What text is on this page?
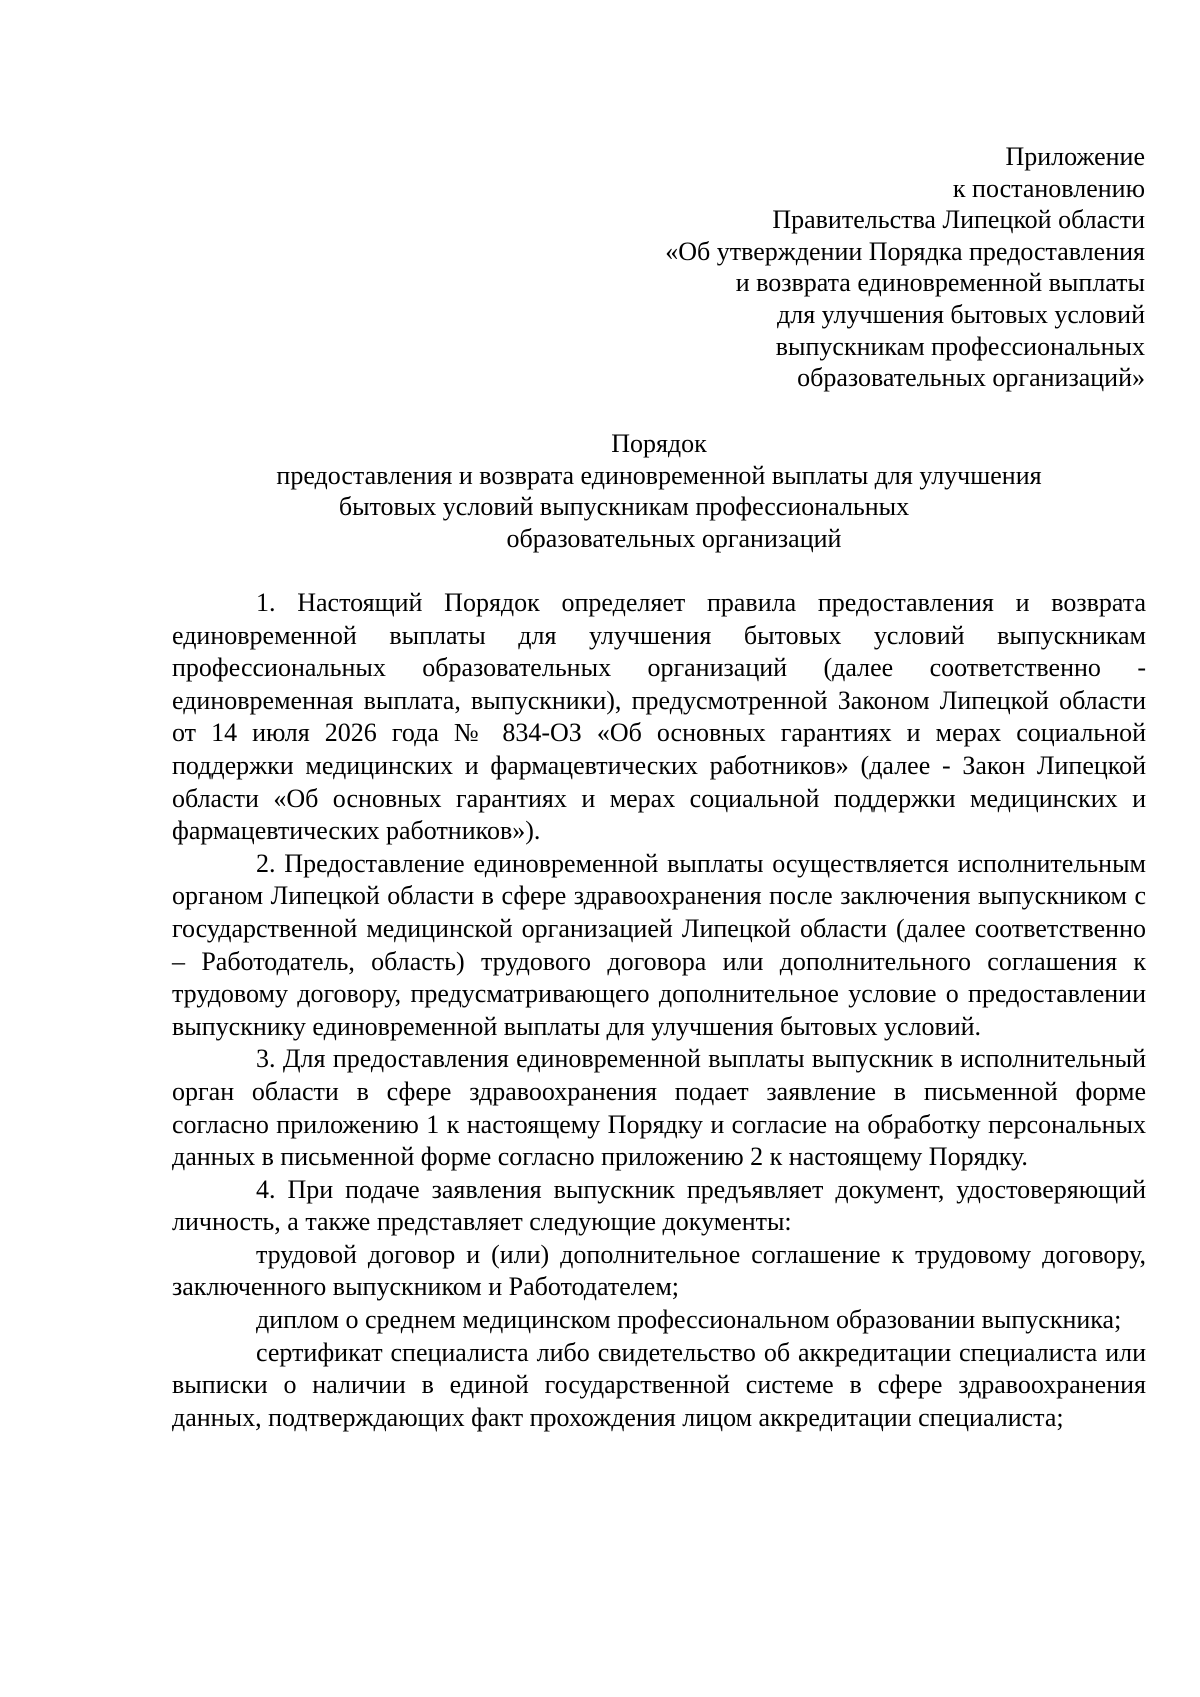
Приложение
к постановлению
Правительства Липецкой области
«Об утверждении Порядка предоставления
и возврата единовременной выплаты
для улучшения бытовых условий
выпускникам профессиональных
образовательных организаций»
Порядок
предоставления и возврата единовременной выплаты для улучшения
бытовых условий выпускникам профессиональных
образовательных организаций

1. Настоящий Порядок определяет правила предоставления и возврата единовременной выплаты для улучшения бытовых условий выпускникам профессиональных образовательных организаций (далее соответственно - единовременная выплата, выпускники), предусмотренной Законом Липецкой области от 14 июля 2026 года № 834-ОЗ «Об основных гарантиях и мерах социальной поддержки медицинских и фармацевтических работников» (далее - Закон Липецкой области «Об основных гарантиях и мерах социальной поддержки медицинских и фармацевтических работников»).

2. Предоставление единовременной выплаты осуществляется исполнительным органом Липецкой области в сфере здравоохранения после заключения выпускником с государственной медицинской организацией Липецкой области (далее соответственно – Работодатель, область) трудового договора или дополнительного соглашения к трудовому договору, предусматривающего дополнительное условие о предоставлении выпускнику единовременной выплаты для улучшения бытовых условий.

3. Для предоставления единовременной выплаты выпускник в исполнительный орган области в сфере здравоохранения подает заявление в письменной форме согласно приложению 1 к настоящему Порядку и согласие на обработку персональных данных в письменной форме согласно приложению 2 к настоящему Порядку.

4. При подаче заявления выпускник предъявляет документ, удостоверяющий личность, а также представляет следующие документы:

трудовой договор и (или) дополнительное соглашение к трудовому договору, заключенного выпускником и Работодателем;

диплом о среднем медицинском профессиональном образовании выпускника;

сертификат специалиста либо свидетельство об аккредитации специалиста или выписки о наличии в единой государственной системе в сфере здравоохранения данных, подтверждающих факт прохождения лицом аккредитации специалиста;
